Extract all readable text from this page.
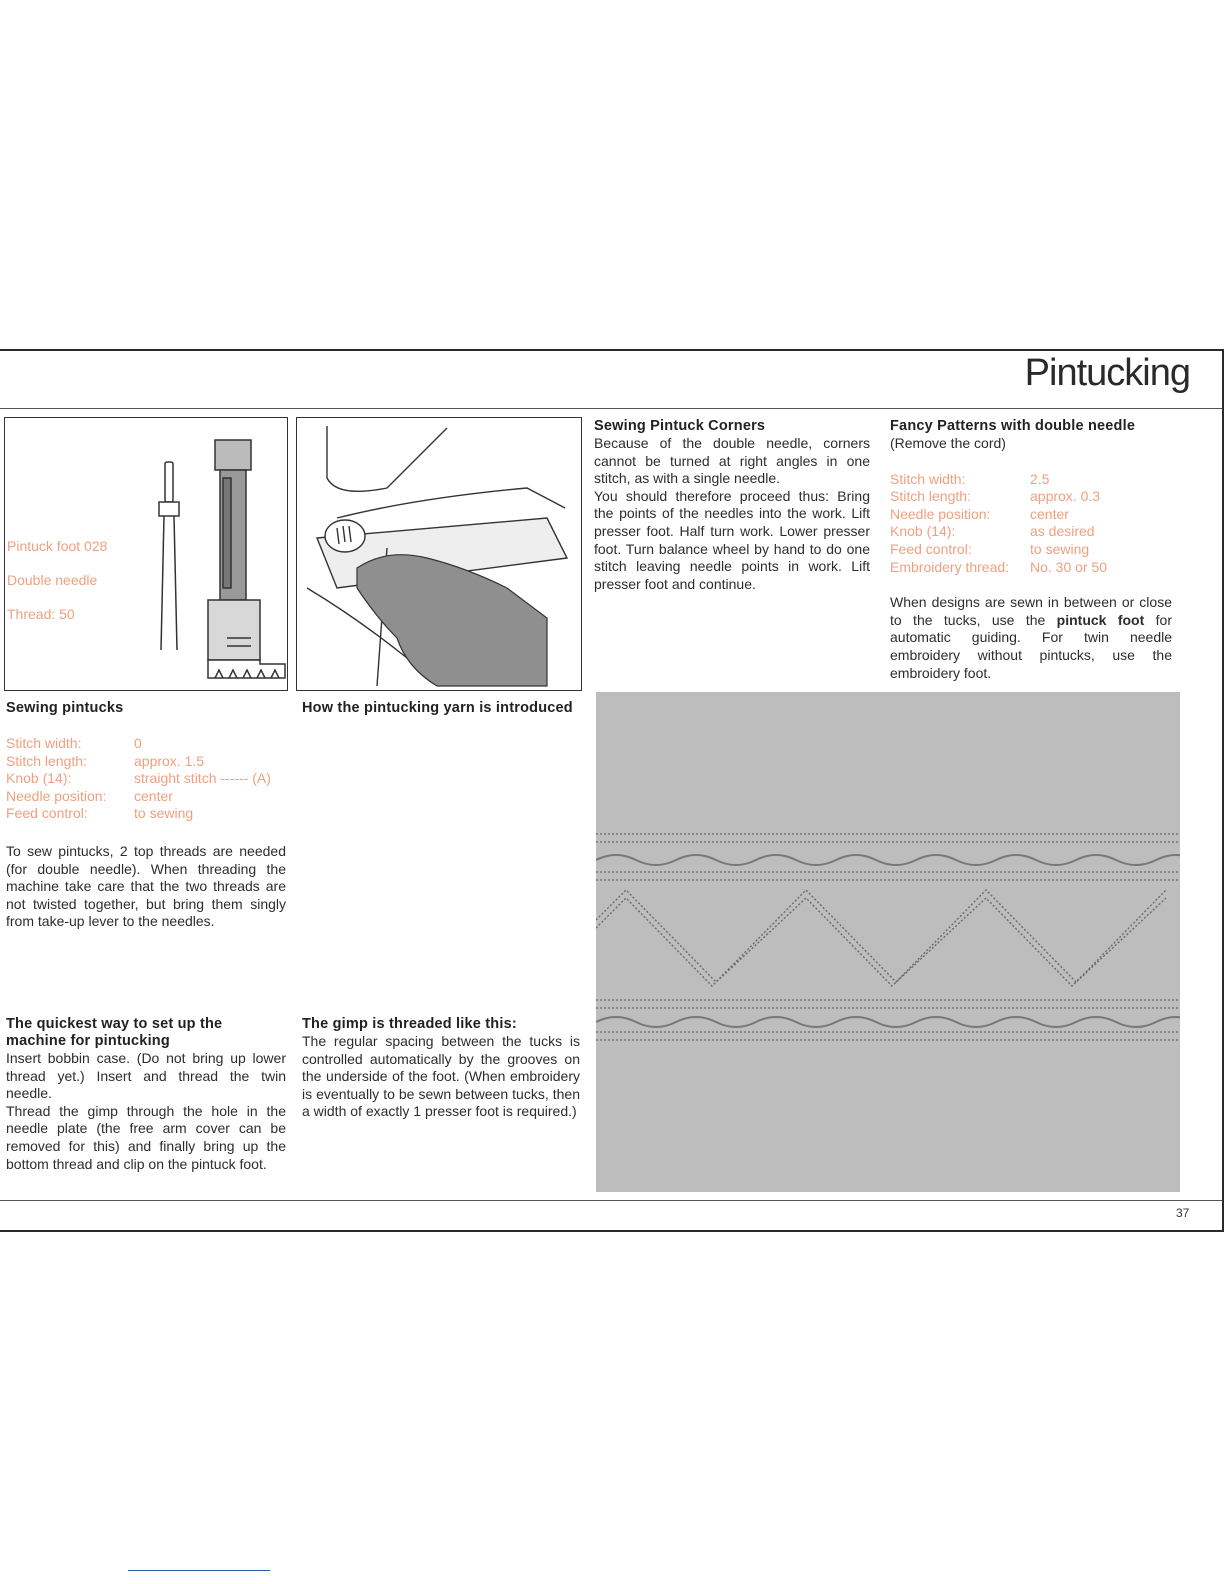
Pintucking
Pintuck foot 028
Double needle
Thread: 50

Sewing pintucks

Stitch width:	0
Stitch length:	approx. 1.5
Knob (14):	straight stitch ------ (A)
Needle position:	center
Feed control:	to sewing

To sew pintucks, 2 top threads are needed (for double needle). When threading the machine take care that the two threads are not twisted together, but bring them singly from take-up lever to the needles.

How the pintucking yarn is introduced

The quickest way to set up the machine for pintucking

Insert bobbin case. (Do not bring up lower thread yet.) Insert and thread the twin needle.

Thread the gimp through the hole in the needle plate (the free arm cover can be removed for this) and finally bring up the bottom thread and clip on the pintuck foot.

The gimp is threaded like this:

The regular spacing between the tucks is controlled automatically by the grooves on the underside of the foot. (When embroidery is eventually to be sewn between tucks, then a width of exactly 1 presser foot is required.)

Sewing Pintuck Corners

Because of the double needle, corners cannot be turned at right angles in one stitch, as with a single needle.

You should therefore proceed thus: Bring the points of the needles into the work. Lift presser foot. Half turn work. Lower presser foot. Turn balance wheel by hand to do one stitch leaving needle points in work. Lift presser foot and continue.

Fancy Patterns with double needle

(Remove the cord)

Stitch width:	2.5
Stitch length:	approx. 0.3
Needle position:	center
Knob (14):	as desired
Feed control:	to sewing
Embroidery thread:	No. 30 or 50

When designs are sewn in between or close to the tucks, use the pintuck foot for automatic guiding. For twin needle embroidery without pintucks, use the embroidery foot.

37
